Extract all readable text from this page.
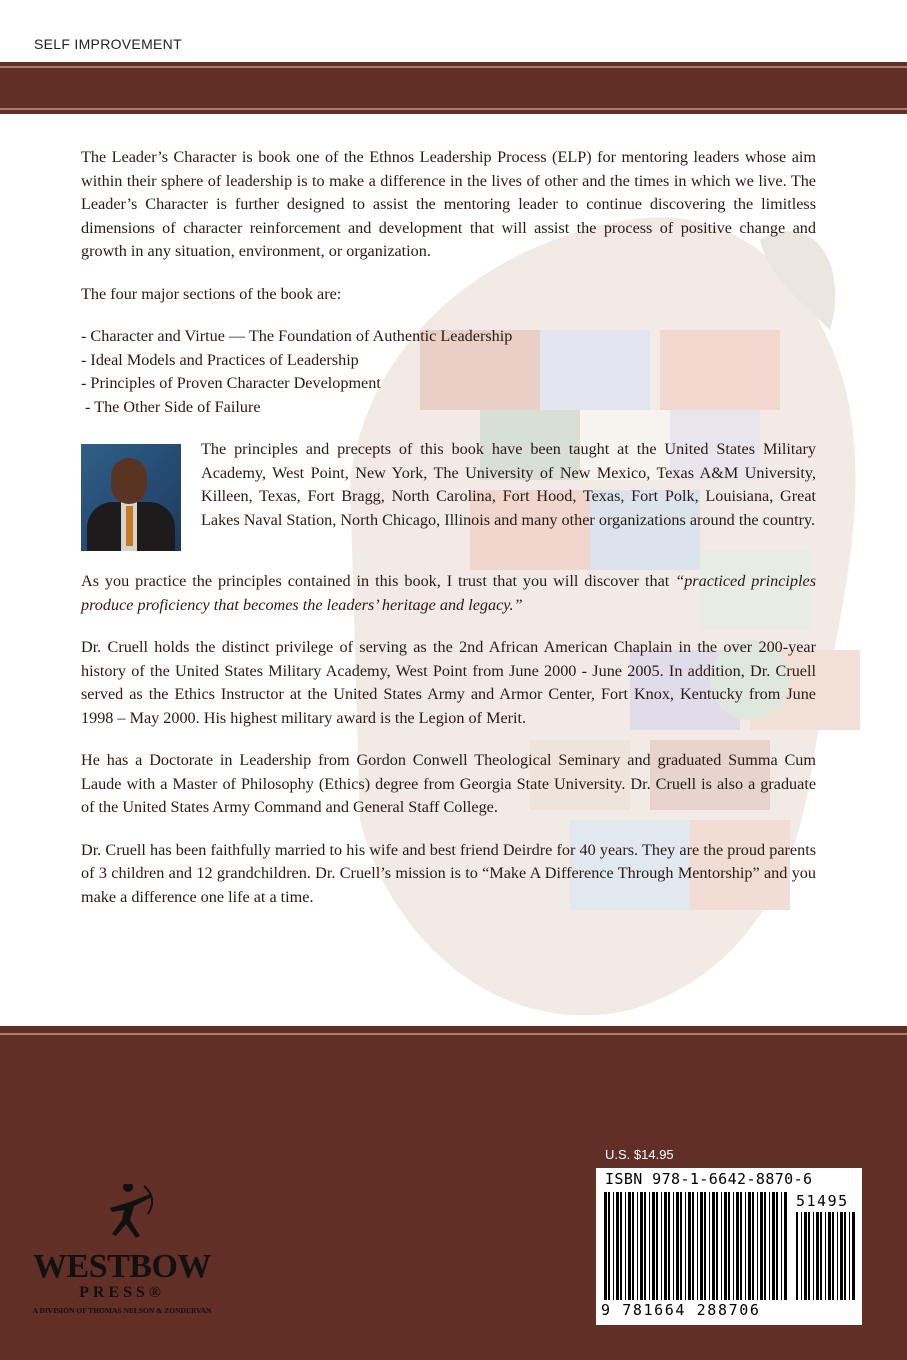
SELF IMPROVEMENT

The Leader’s Character is book one of the Ethnos Leadership Process (ELP) for mentoring leaders whose aim within their sphere of leadership is to make a difference in the lives of other and the times in which we live. The Leader’s Character is further designed to assist the mentoring leader to continue discovering the limitless dimensions of character reinforcement and development that will assist the process of positive change and growth in any situation, environment, or organization.

The four major sections of the book are:

- Character and Virtue — The Foundation of Authentic Leadership
- Ideal Models and Practices of Leadership
- Principles of Proven Character Development
- The Other Side of Failure

The principles and precepts of this book have been taught at the United States Military Academy, West Point, New York, The University of New Mexico, Texas A&M University, Killeen, Texas, Fort Bragg, North Carolina, Fort Hood, Texas, Fort Polk, Louisiana, Great Lakes Naval Station, North Chicago, Illinois and many other organizations around the country.

As you practice the principles contained in this book, I trust that you will discover that “practiced principles produce proficiency that becomes the leaders’ heritage and legacy.”

Dr. Cruell holds the distinct privilege of serving as the 2nd African American Chaplain in the over 200-year history of the United States Military Academy, West Point from June 2000 - June 2005. In addition, Dr. Cruell served as the Ethics Instructor at the United States Army and Armor Center, Fort Knox, Kentucky from June 1998 – May 2000. His highest military award is the Legion of Merit.

He has a Doctorate in Leadership from Gordon Conwell Theological Seminary and graduated Summa Cum Laude with a Master of Philosophy (Ethics) degree from Georgia State University. Dr. Cruell is also a graduate of the United States Army Command and General Staff College.

Dr. Cruell has been faithfully married to his wife and best friend Deirdre for 40 years. They are the proud parents of 3 children and 12 grandchildren. Dr. Cruell’s mission is to “Make A Difference Through Mentorship” and you make a difference one life at a time.

WESTBOW
PRESS®
A DIVISION OF THOMAS NELSON & ZONDERVAN
U.S. $14.95
ISBN 978-1-6642-8870-6
51495
9 781664 288706
